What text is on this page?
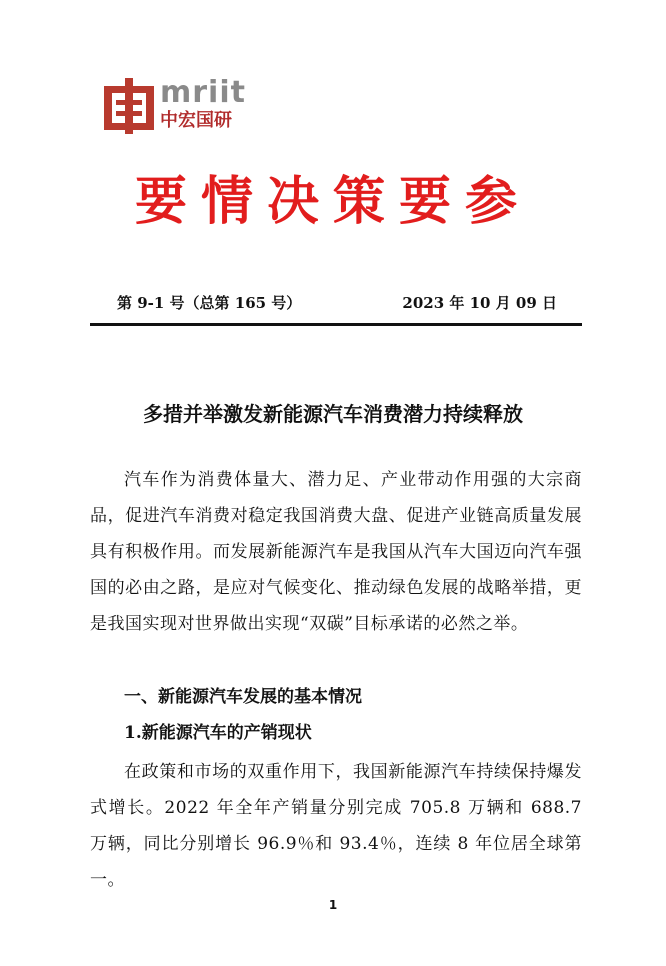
mriit
中宏国研
要情决策要参
第 9-1 号（总第 165 号）	2023 年 10 月 09 日
多措并举激发新能源汽车消费潜力持续释放
汽车作为消费体量大、潜力足、产业带动作用强的大宗商品，促进汽车消费对稳定我国消费大盘、促进产业链高质量发展具有积极作用。而发展新能源汽车是我国从汽车大国迈向汽车强国的必由之路，是应对气候变化、推动绿色发展的战略举措，更是我国实现对世界做出实现“双碳”目标承诺的必然之举。
一、新能源汽车发展的基本情况
1.新能源汽车的产销现状
在政策和市场的双重作用下，我国新能源汽车持续保持爆发式增长。2022 年全年产销量分别完成 705.8 万辆和 688.7 万辆，同比分别增长 96.9％和 93.4％，连续 8 年位居全球第一。
1
